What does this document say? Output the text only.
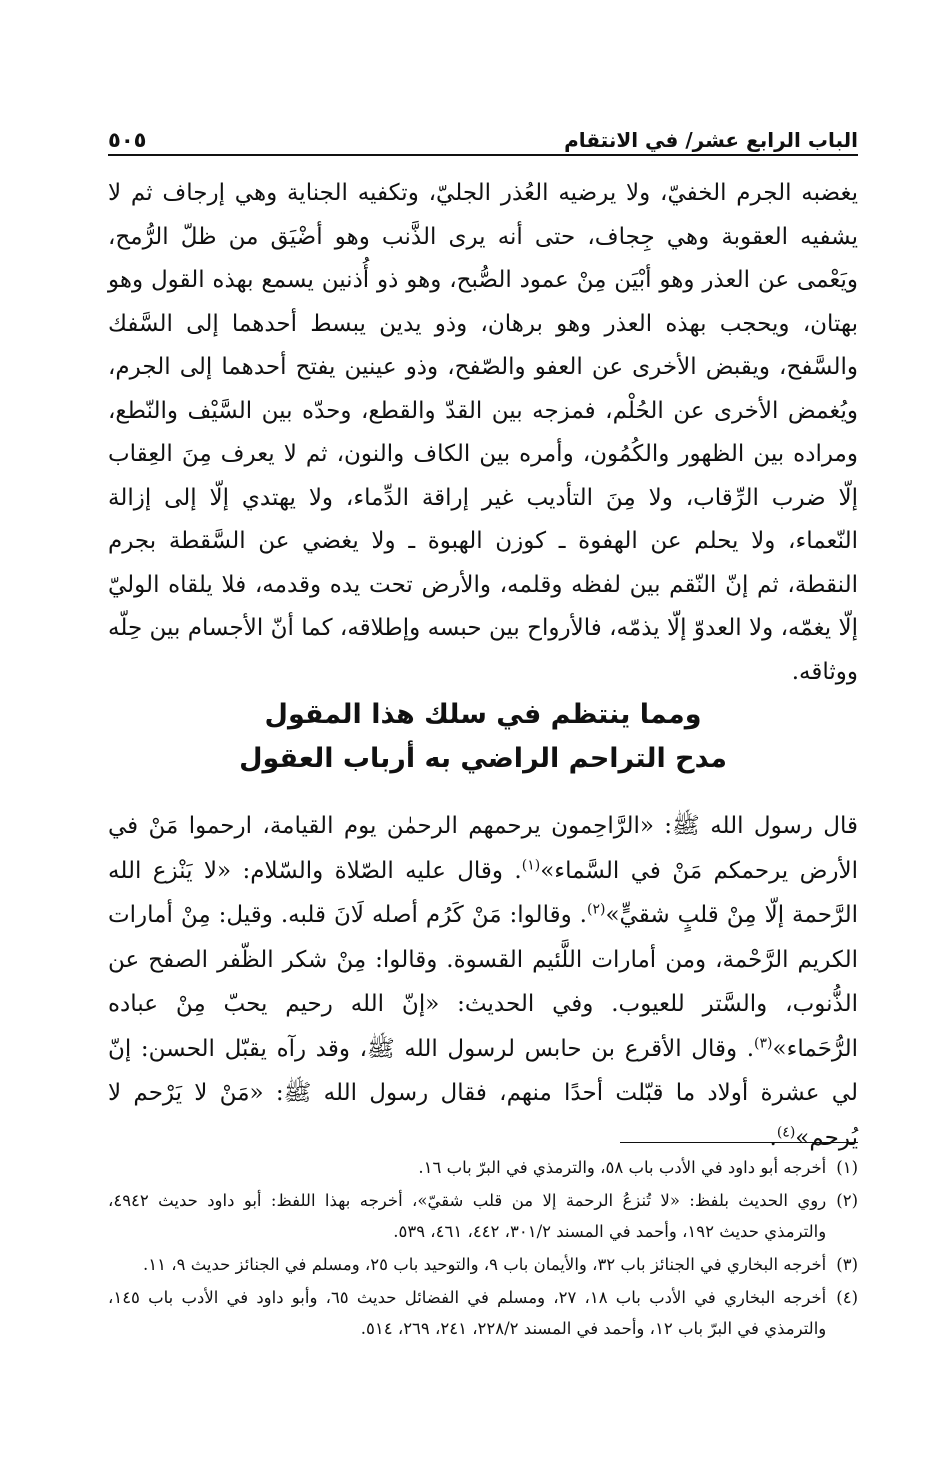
الباب الرابع عشر/ في الانتقام
٥٠٥

يغضبه الجرم الخفيّ، ولا يرضيه العُذر الجليّ، وتكفيه الجناية وهي إرجاف ثم لا يشفيه العقوبة وهي جِجاف، حتى أنه يرى الذَّنب وهو أضْيَق من ظلّ الرُّمح، ويَعْمى عن العذر وهو أبْيَن مِنْ عمود الصُّبح، وهو ذو أُذنين يسمع بهذه القول وهو بهتان، ويحجب بهذه العذر وهو برهان، وذو يدين يبسط أحدهما إلى السَّفك والسَّفح، ويقبض الأخرى عن العفو والصّفح، وذو عينين يفتح أحدهما إلى الجرم، ويُغمض الأخرى عن الحُلْم، فمزجه بين القدّ والقطع، وحدّه بين السَّيْف والنّطع، ومراده بين الظهور والكُمُون، وأمره بين الكاف والنون، ثم لا يعرف مِنَ العِقاب إلّا ضرب الرِّقاب، ولا مِنَ التأديب غير إراقة الدِّماء، ولا يهتدي إلّا إلى إزالة النّعماء، ولا يحلم عن الهفوة ـ كوزن الهبوة ـ ولا يغضي عن السَّقطة بجرم النقطة، ثم إنّ النّقم بين لفظه وقلمه، والأرض تحت يده وقدمه، فلا يلقاه الوليّ إلّا يغمّه، ولا العدوّ إلّا يذمّه، فالأرواح بين حبسه وإطلاقه، كما أنّ الأجسام بين حِلّه ووثاقه.

ومما ينتظم في سلك هذا المقول
مدح التراحم الراضي به أرباب العقول

قال رسول الله ﷺ: «الرَّاحِمون يرحمهم الرحمٰن يوم القيامة، ارحموا مَنْ في الأرض يرحمكم مَنْ في السَّماء»$^{(١)}$. وقال عليه الصّلاة والسّلام: «لا يَنْزع الله الرَّحمة إلّا مِنْ قلبٍ شقيٍّ»$^{(٢)}$. وقالوا: مَنْ كَرُم أصله لَانَ قلبه. وقيل: مِنْ أمارات الكريم الرَّحْمة، ومن أمارات اللَّئيم القسوة. وقالوا: مِنْ شكر الظّفر الصفح عن الذُّنوب، والسَّتر للعيوب. وفي الحديث: «إنّ الله رحيم يحبّ مِنْ عباده الرُّحَماء»$^{(٣)}$. وقال الأقرع بن حابس لرسول الله ﷺ، وقد رآه يقبّل الحسن: إنّ لي عشرة أولاد ما قبّلت أحدًا منهم، فقال رسول الله ﷺ: «مَنْ لا يَرْحم لا يُرحم»$^{(٤)}$.

(١)
أخرجه أبو داود في الأدب باب ٥٨، والترمذي في البرّ باب ١٦.
(٢)
روي الحديث بلفظ: «لا تُنزعُ الرحمة إلا من قلب شقيّ»، أخرجه بهذا اللفظ: أبو داود حديث ٤٩٤٢، والترمذي حديث ١٩٢، وأحمد في المسند ٣٠١/٢، ٤٤٢، ٤٦١، ٥٣٩.
(٣)
أخرجه البخاري في الجنائز باب ٣٢، والأيمان باب ٩، والتوحيد باب ٢٥، ومسلم في الجنائز حديث ٩، ١١.
(٤)
أخرجه البخاري في الأدب باب ١٨، ٢٧، ومسلم في الفضائل حديث ٦٥، وأبو داود في الأدب باب ١٤٥، والترمذي في البرّ باب ١٢، وأحمد في المسند ٢٢٨/٢، ٢٤١، ٢٦٩، ٥١٤.
